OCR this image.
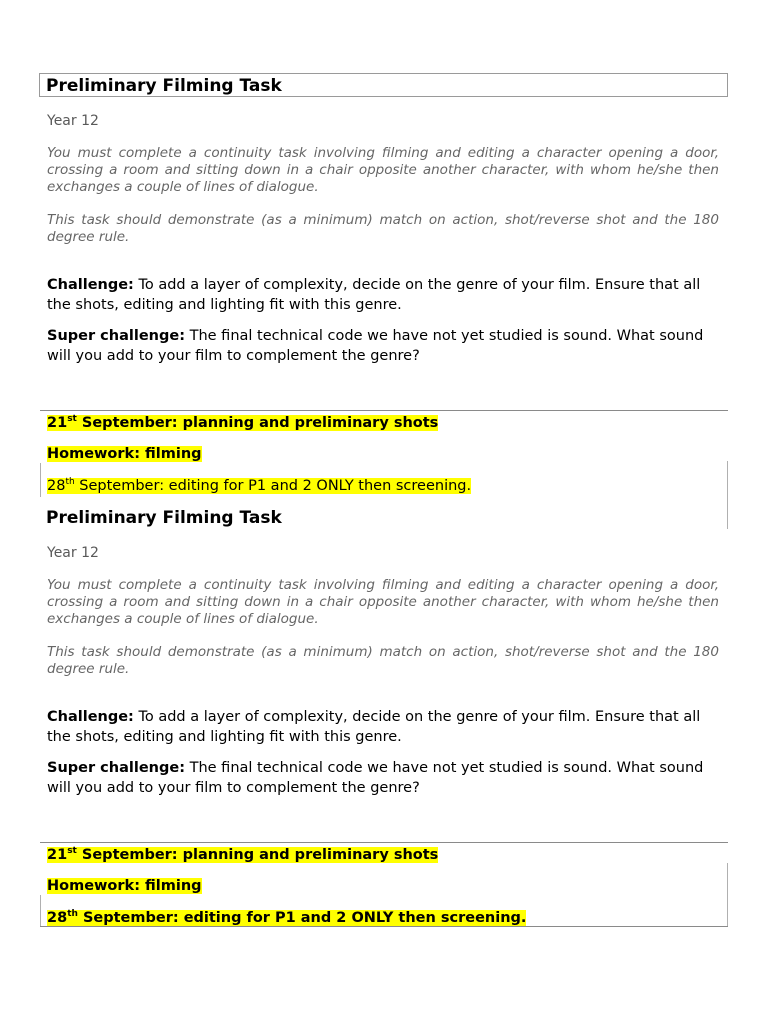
Preliminary Filming Task
Year 12

You must complete a continuity task involving filming and editing a character opening a door, crossing a room and sitting down in a chair opposite another character, with whom he/she then exchanges a couple of lines of dialogue.

This task should demonstrate (as a minimum) match on action, shot/reverse shot and the 180 degree rule.

Challenge: To add a layer of complexity, decide on the genre of your film. Ensure that all the shots, editing and lighting fit with this genre.

Super challenge: The final technical code we have not yet studied is sound. What sound will you add to your film to complement the genre?

21st September: planning and preliminary shots
Homework: filming
28th September: editing for P1 and 2 ONLY then screening.
Preliminary Filming Task
Year 12

You must complete a continuity task involving filming and editing a character opening a door, crossing a room and sitting down in a chair opposite another character, with whom he/she then exchanges a couple of lines of dialogue.

This task should demonstrate (as a minimum) match on action, shot/reverse shot and the 180 degree rule.

Challenge: To add a layer of complexity, decide on the genre of your film. Ensure that all the shots, editing and lighting fit with this genre.

Super challenge: The final technical code we have not yet studied is sound. What sound will you add to your film to complement the genre?

21st September: planning and preliminary shots
Homework: filming
28th September: editing for P1 and 2 ONLY then screening.
